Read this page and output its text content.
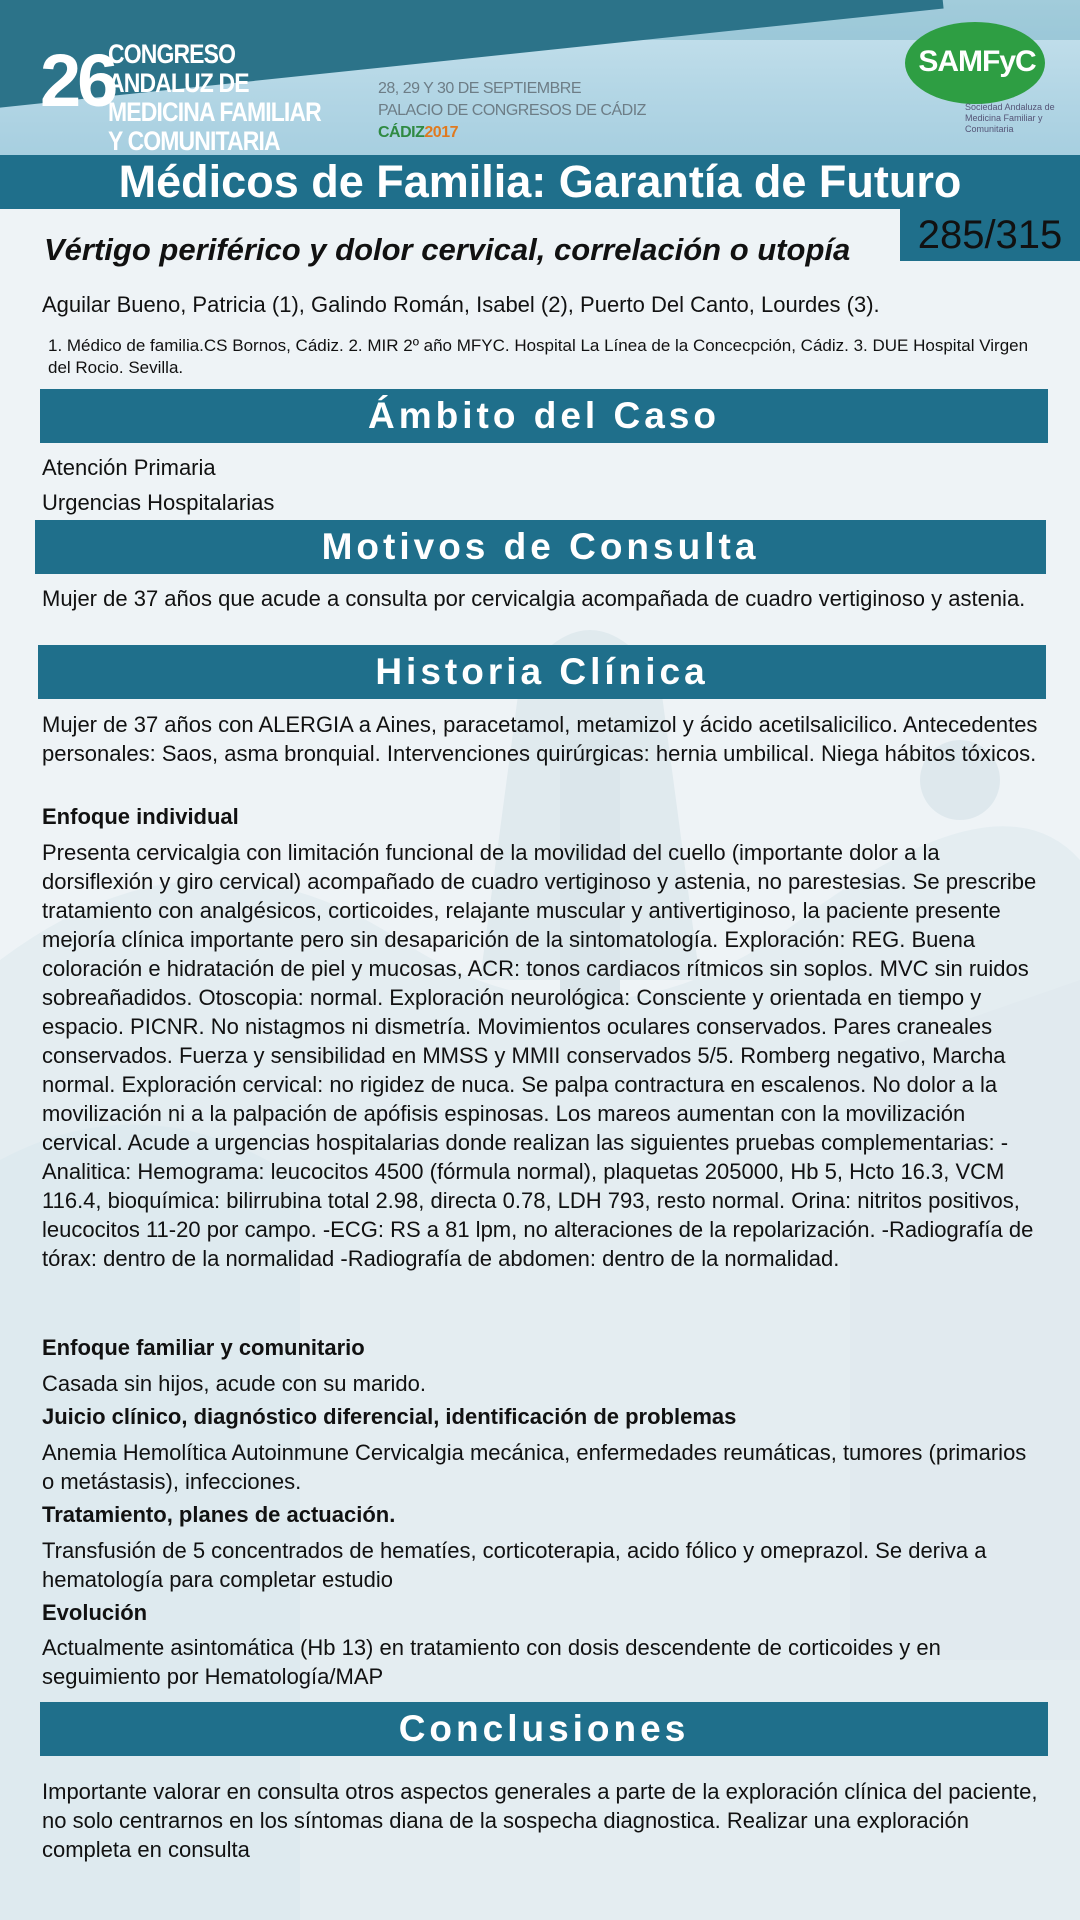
26
CONGRESO ANDALUZ DE MEDICINA FAMILIAR Y COMUNITARIA
28, 29 Y 30 DE SEPTIEMBRE
PALACIO DE CONGRESOS DE CÁDIZ
CÁDIZ2017
SAMFyC
Sociedad Andaluza de Medicina Familiar y Comunitaria
Médicos de Familia: Garantía de Futuro
285/315
Vértigo periférico y dolor cervical, correlación o utopía
Aguilar Bueno, Patricia (1), Galindo Román, Isabel (2), Puerto Del Canto, Lourdes (3).
1. Médico de familia.CS Bornos, Cádiz. 2. MIR 2º año MFYC. Hospital La Línea de la Concecpción, Cádiz. 3. DUE Hospital Virgen del Rocio. Sevilla.
Ámbito del Caso
Atención Primaria
Urgencias Hospitalarias
Motivos de Consulta
Mujer de 37 años que acude a consulta por cervicalgia acompañada de cuadro vertiginoso y astenia.
Historia Clínica
Mujer de 37 años con ALERGIA a Aines, paracetamol, metamizol y ácido acetilsalicilico. Antecedentes personales: Saos, asma bronquial. Intervenciones quirúrgicas: hernia umbilical. Niega hábitos tóxicos.
Enfoque individual
Presenta cervicalgia con limitación funcional de la movilidad del cuello (importante dolor a la dorsiflexión y giro cervical) acompañado de cuadro vertiginoso y astenia, no parestesias. Se prescribe tratamiento con analgésicos, corticoides, relajante muscular y antivertiginoso, la paciente presente mejoría clínica importante pero sin desaparición de la sintomatología. Exploración: REG. Buena coloración e hidratación de piel y mucosas, ACR: tonos cardiacos rítmicos sin soplos. MVC sin ruidos sobreañadidos. Otoscopia: normal. Exploración neurológica: Consciente y orientada en tiempo y espacio. PICNR. No nistagmos ni dismetría. Movimientos oculares conservados. Pares craneales conservados. Fuerza y sensibilidad en MMSS y MMII conservados 5/5. Romberg negativo, Marcha normal. Exploración cervical: no rigidez de nuca. Se palpa contractura en escalenos. No dolor a la movilización ni a la palpación de apófisis espinosas. Los mareos aumentan con la movilización cervical. Acude a urgencias hospitalarias donde realizan las siguientes pruebas complementarias: -Analitica: Hemograma: leucocitos 4500 (fórmula normal), plaquetas 205000, Hb 5, Hcto 16.3, VCM 116.4, bioquímica: bilirrubina total 2.98, directa 0.78, LDH 793, resto normal. Orina: nitritos positivos, leucocitos 11-20 por campo. -ECG: RS a 81 lpm, no alteraciones de la repolarización. -Radiografía de tórax: dentro de la normalidad -Radiografía de abdomen: dentro de la normalidad.
Enfoque familiar y comunitario
Casada sin hijos, acude con su marido.
Juicio clínico, diagnóstico diferencial, identificación de problemas
Anemia Hemolítica Autoinmune Cervicalgia mecánica, enfermedades reumáticas, tumores (primarios o metástasis), infecciones.
Tratamiento, planes de actuación.
Transfusión de 5 concentrados de hematíes, corticoterapia, acido fólico y omeprazol. Se deriva a hematología para completar estudio
Evolución
Actualmente asintomática (Hb 13) en tratamiento con dosis descendente de corticoides y en seguimiento por Hematología/MAP
Conclusiones
Importante valorar en consulta otros aspectos generales a parte de la exploración clínica del paciente, no solo centrarnos en los síntomas diana de la sospecha diagnostica. Realizar una exploración completa en consulta
